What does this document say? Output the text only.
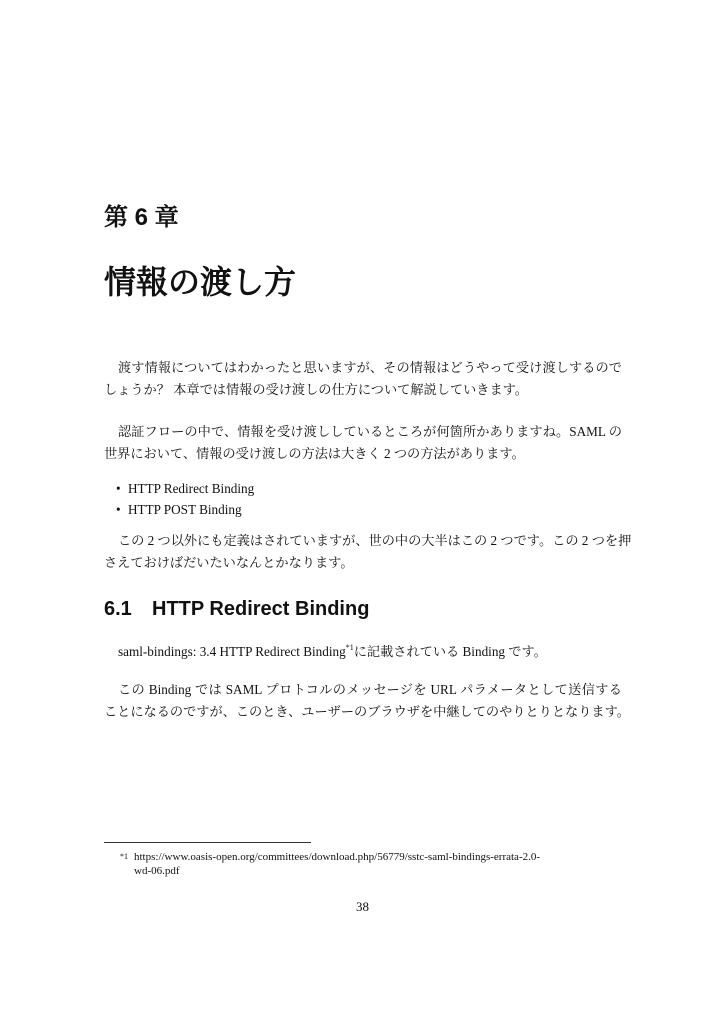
第 6 章
情報の渡し方
渡す情報についてはわかったと思いますが、その情報はどうやって受け渡しするので
しょうか？ 本章では情報の受け渡しの仕方について解説していきます。
認証フローの中で、情報を受け渡ししているところが何箇所かありますね。SAML の
世界において、情報の受け渡しの方法は大きく 2 つの方法があります。
• HTTP Redirect Binding
• HTTP POST Binding
この 2 つ以外にも定義はされていますが、世の中の大半はこの 2 つです。この 2 つを押
さえておけばだいたいなんとかなります。
6.1 HTTP Redirect Binding
saml-bindings: 3.4 HTTP Redirect Binding$^{*1}$に記載されている Binding です。
この Binding では SAML プロトコルのメッセージを URL パラメータとして送信する
ことになるのですが、このとき、ユーザーのブラウザを中継してのやりとりとなります。
$^{*1}$ https://www.oasis-open.org/committees/download.php/56779/sstc-saml-bindings-errata-2.0-
wd-06.pdf
38
